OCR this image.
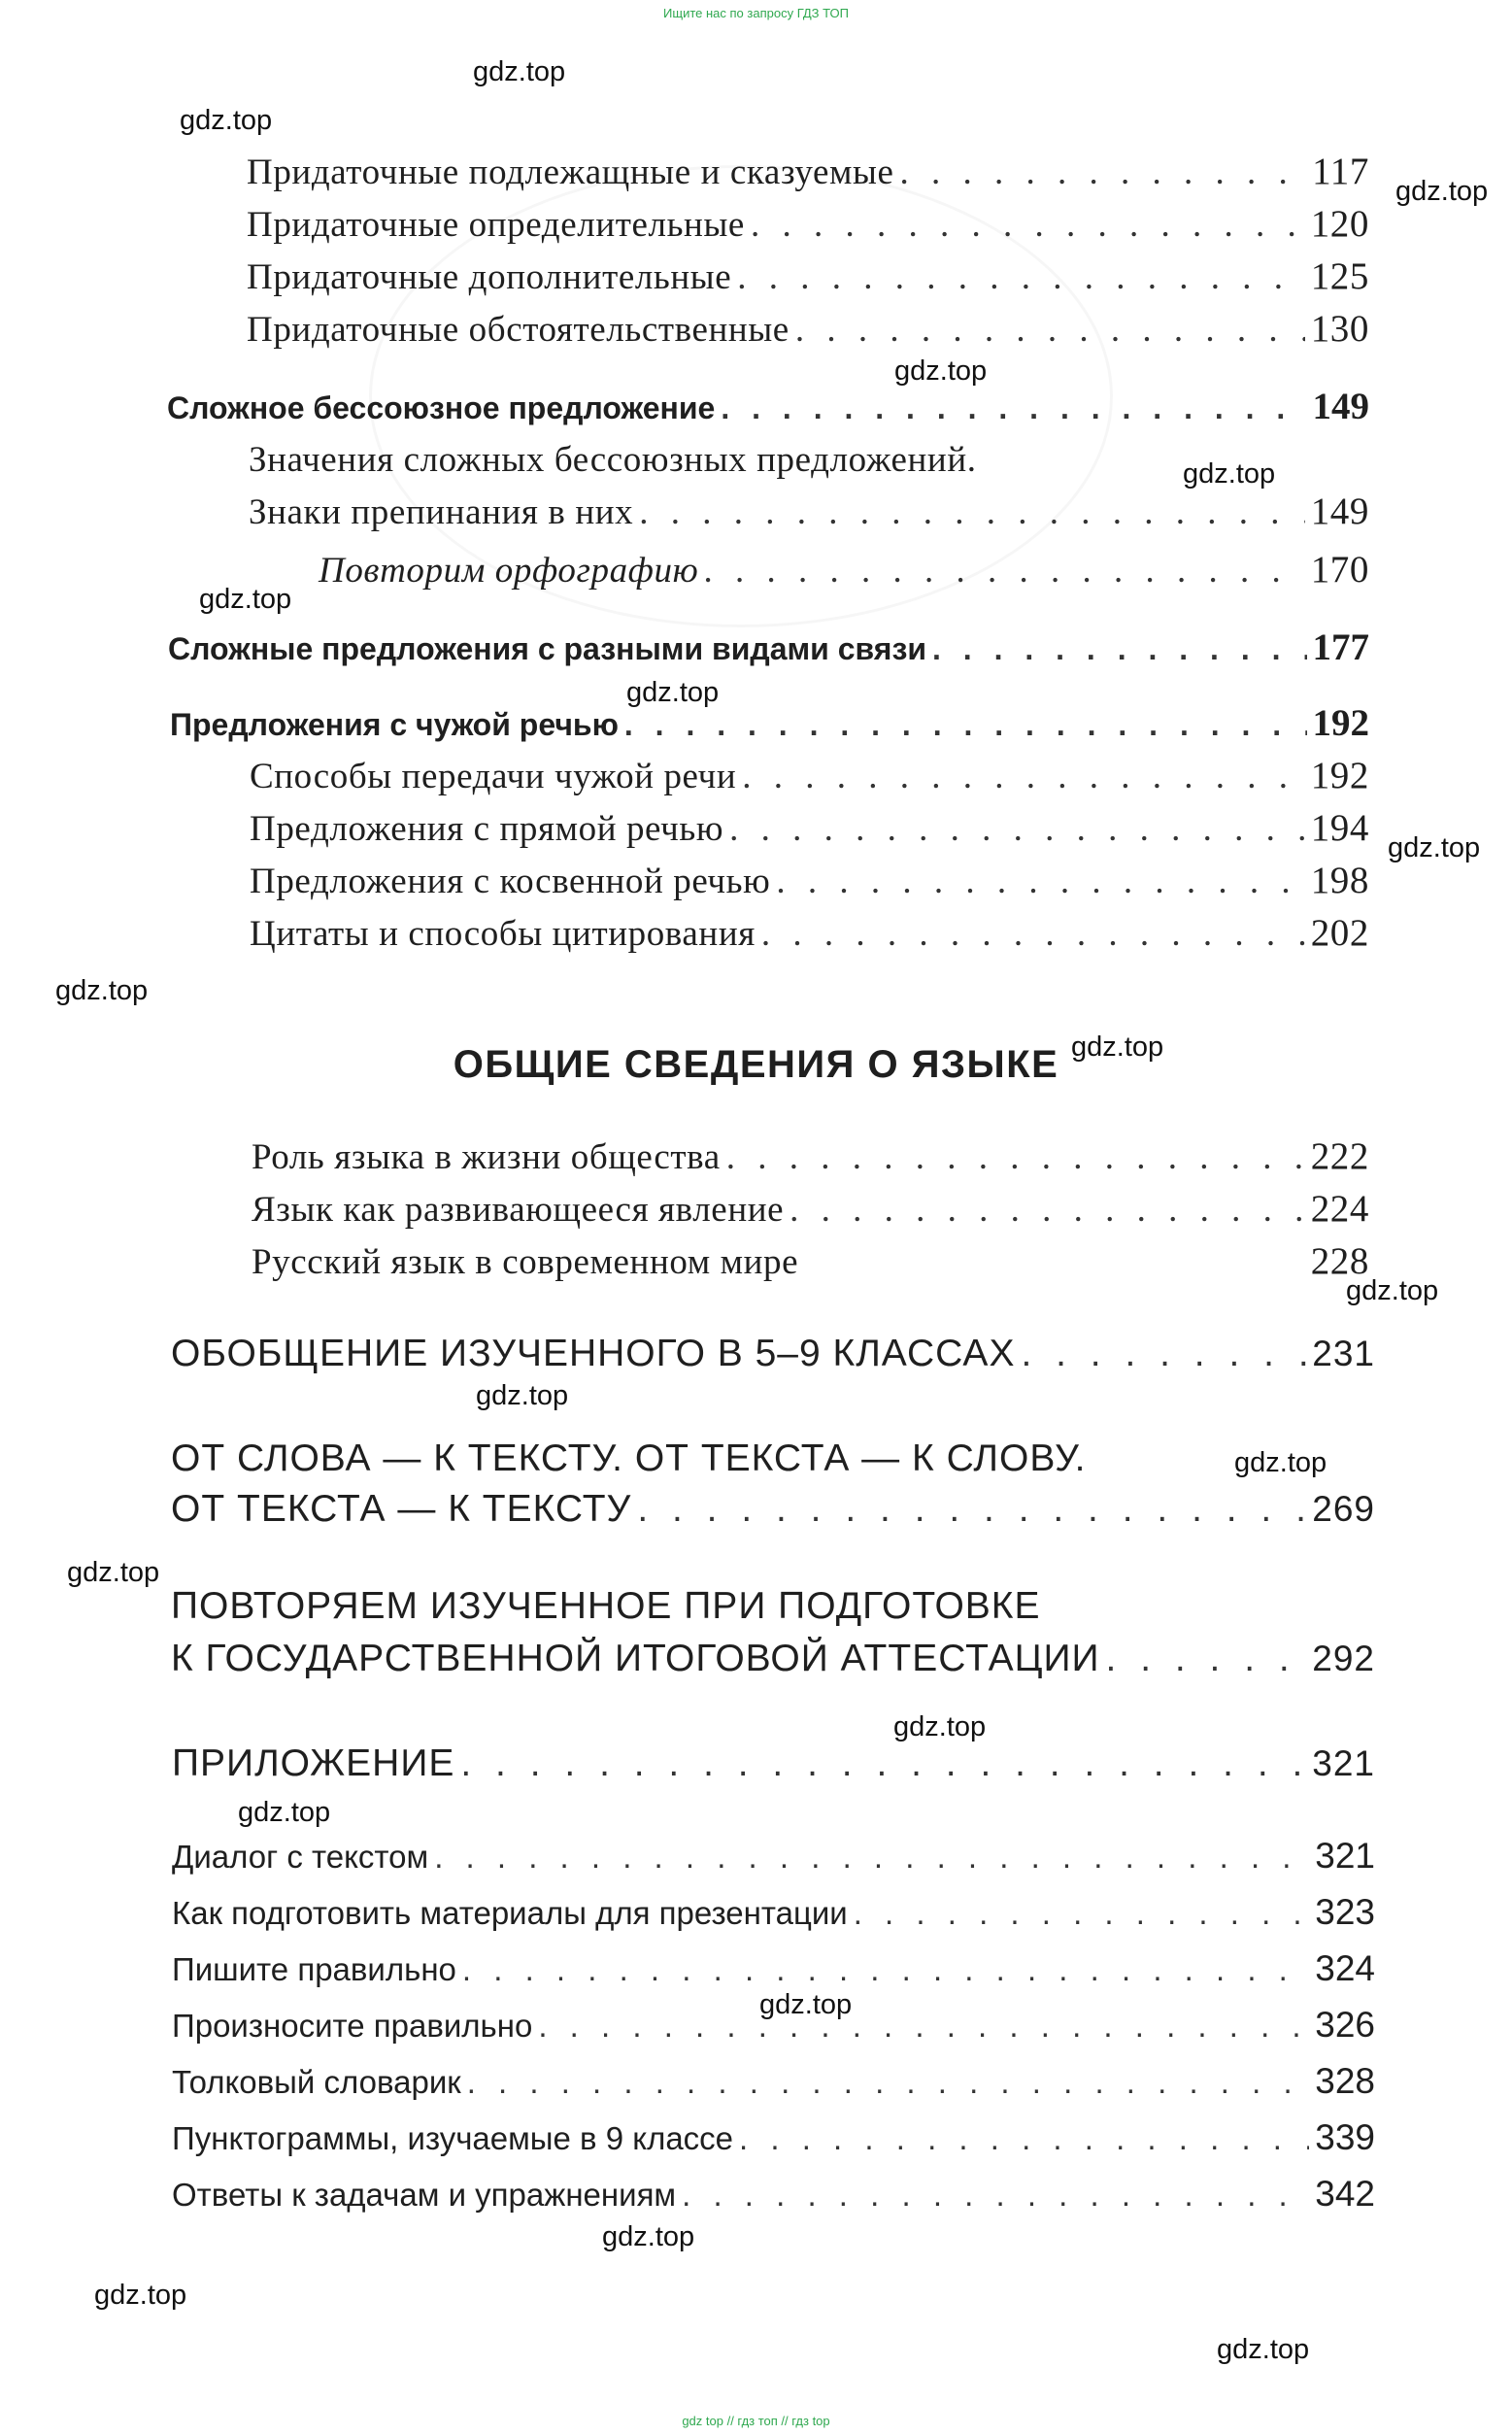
Ищите нас по запросу ГДЗ ТОП
gdz.top
gdz.top
gdz.top
gdz.top
gdz.top
gdz.top
gdz.top
gdz.top
gdz.top
gdz.top
gdz.top
gdz.top
gdz.top
gdz.top
gdz.top
gdz.top
gdz.top
gdz.top
gdz.top
gdz.top
Придаточные подлежащные и сказуемые . . .	117
Придаточные определительные . . .	120
Придаточные дополнительные . . .	125
Придаточные обстоятельственные . . .	130
Сложное бессоюзное предложение . . .	149
Значения сложных бессоюзных предложений.
Знаки препинания в них . . .	149
Повторим орфографию . . .	170
Сложные предложения с разными видами связи . . .	177
Предложения с чужой речью . . .	192
Способы передачи чужой речи . . .	192
Предложения с прямой речью . . .	194
Предложения с косвенной речью . . .	198
Цитаты и способы цитирования . . .	202
ОБЩИЕ СВЕДЕНИЯ О ЯЗЫКЕ
Роль языка в жизни общества . . .	222
Язык как развивающееся явление . . .	224
Русский язык в современном мире	228
ОБОБЩЕНИЕ ИЗУЧЕННОГО В 5–9 КЛАССАХ . . .	231
ОТ СЛОВА — К ТЕКСТУ. ОТ ТЕКСТА — К СЛОВУ.
ОТ ТЕКСТА — К ТЕКСТУ . . .	269
ПОВТОРЯЕМ ИЗУЧЕННОЕ ПРИ ПОДГОТОВКЕ
К ГОСУДАРСТВЕННОЙ ИТОГОВОЙ АТТЕСТАЦИИ . . .	292
ПРИЛОЖЕНИЕ . . .	321
Диалог с текстом . . .	321
Как подготовить материалы для презентации . . .	323
Пишите правильно . . .	324
Произносите правильно . . .	326
Толковый словарик . . .	328
Пунктограммы, изучаемые в 9 классе . . .	339
Ответы к задачам и упражнениям . . .	342
gdz top // гдз топ // гдз top
